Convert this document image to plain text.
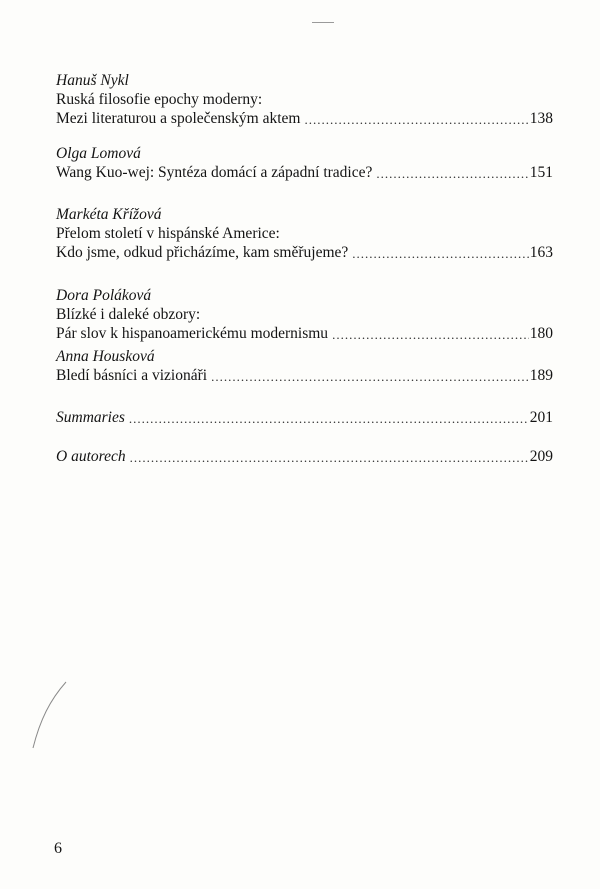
Hanuš Nykl
Ruská filosofie epochy moderny:
Mezi literaturou a společenským aktem .....	138
Olga Lomová
Wang Kuo-wej: Syntéza domácí a západní tradice? .....	151
Markéta Křížová
Přelom století v hispánské Americe:
Kdo jsme, odkud přicházíme, kam směřujeme? .....	163
Dora Poláková
Blízké i daleké obzory:
Pár slov k hispanoamerickému modernismu .....	180
Anna Housková
Bledí básníci a vizionáři .....	189
Summaries .....	201
O autorech .....	209
6
